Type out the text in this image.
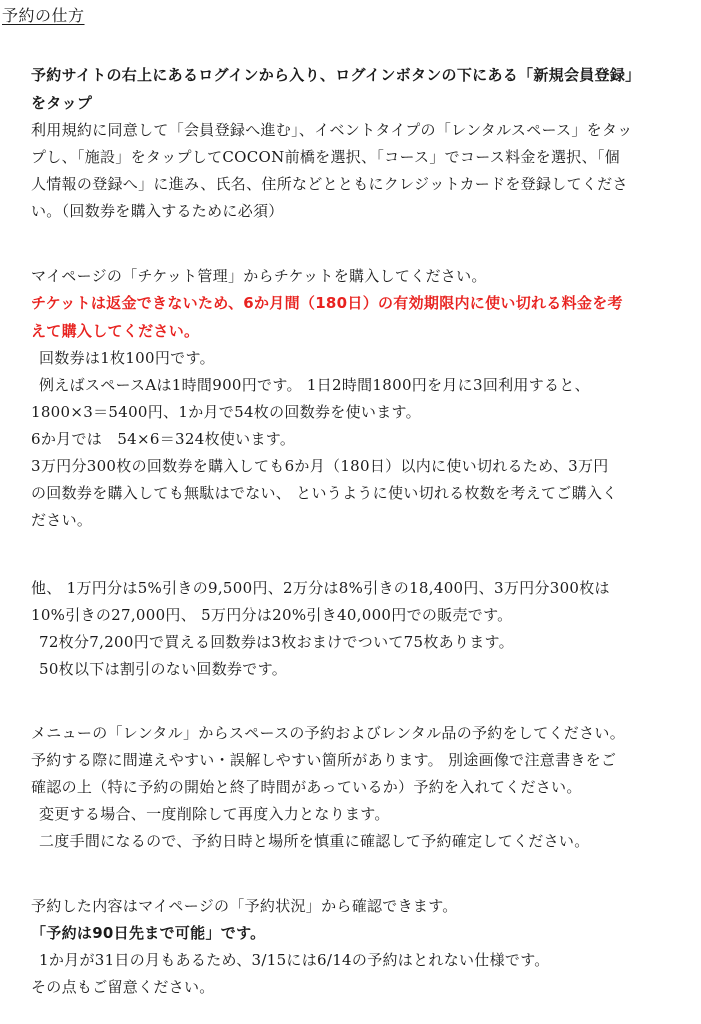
予約の仕方
予約サイトの右上にあるログインから入り、ログインボタンの下にある「新規会員登録」
をタップ
利用規約に同意して「会員登録へ進む」、イベントタイプの「レンタルスペース」をタッ
プし、「施設」をタップしてCOCON前橋を選択、「コース」でコース料金を選択、「個
人情報の登録へ」に進み、氏名、住所などとともにクレジットカードを登録してくださ
い。（回数券を購入するために必須）
マイページの「チケット管理」からチケットを購入してください。
チケットは返金できないため、6か月間（180日）の有効期限内に使い切れる料金を考
えて購入してください。
回数券は1枚100円です。
例えばスペースAは1時間900円です。 1日2時間1800円を月に3回利用すると、
1800×3＝5400円、1か月で54枚の回数券を使います。
6か月では　54×6＝324枚使います。
3万円分300枚の回数券を購入しても6か月（180日）以内に使い切れるため、3万円
の回数券を購入しても無駄はでない、 というように使い切れる枚数を考えてご購入く
ださい。
他、 1万円分は5%引きの9,500円、2万分は8%引きの18,400円、3万円分300枚は
10%引きの27,000円、 5万円分は20%引き40,000円での販売です。
72枚分7,200円で買える回数券は3枚おまけでついて75枚あります。
50枚以下は割引のない回数券です。
メニューの「レンタル」からスペースの予約およびレンタル品の予約をしてください。
予約する際に間違えやすい・誤解しやすい箇所があります。 別途画像で注意書きをご
確認の上（特に予約の開始と終了時間があっているか）予約を入れてください。
変更する場合、一度削除して再度入力となります。
二度手間になるので、予約日時と場所を慎重に確認して予約確定してください。
予約した内容はマイページの「予約状況」から確認できます。
「予約は90日先まで可能」です。
1か月が31日の月もあるため、3/15には6/14の予約はとれない仕様です。
その点もご留意ください。
